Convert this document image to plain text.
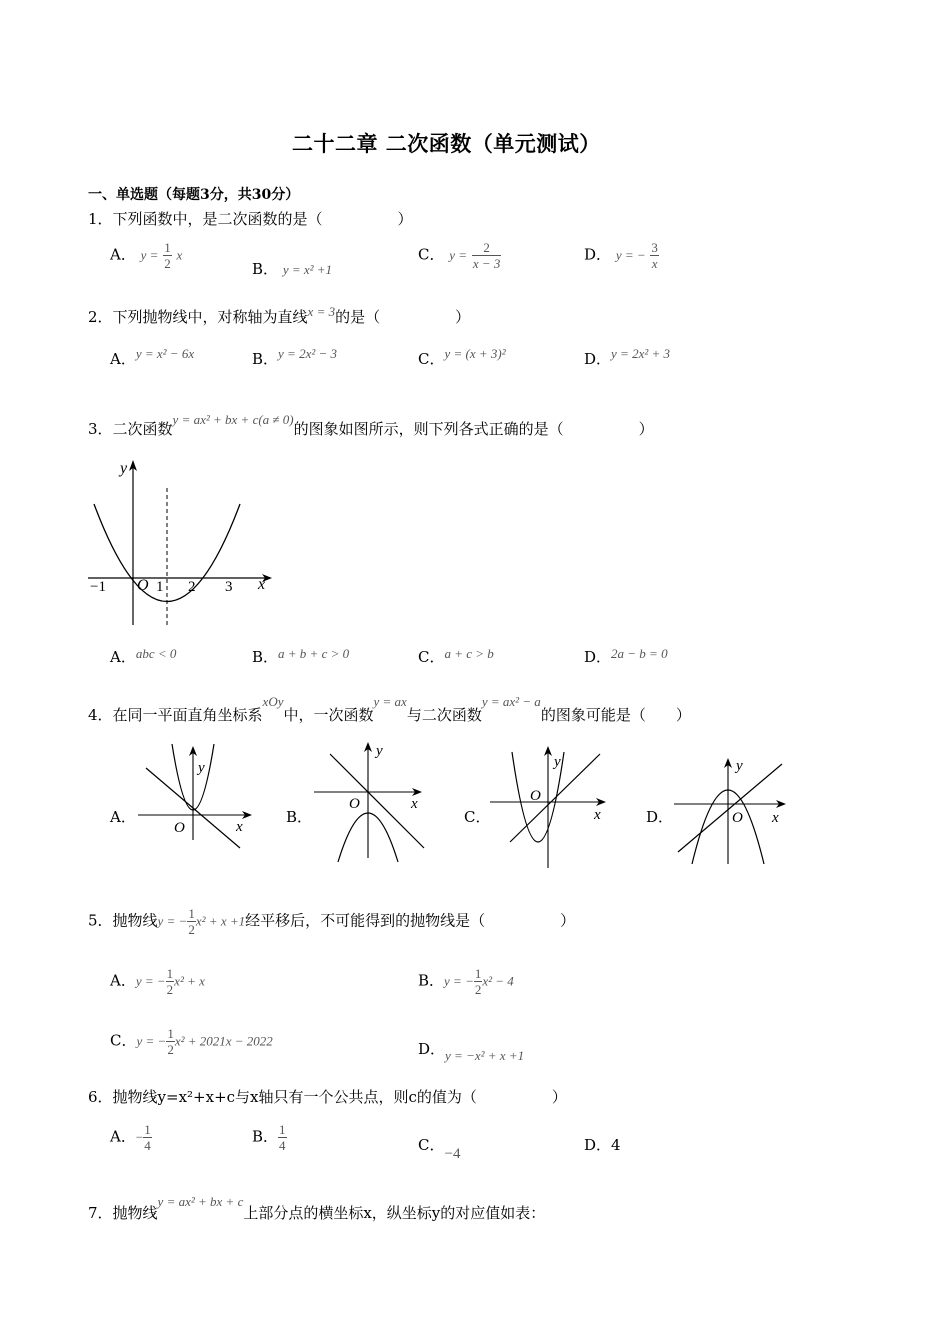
二十二章 二次函数（单元测试）
一、单选题（每题3分，共30分）
1．下列函数中，是二次函数的是（　　　　　）
A． $y = \frac{1}{2}$ x
B． y = x² +1
C． $y = \frac{2}{x - 3}$	D． y = − $\frac{3}{x}$
2．下列抛物线中，对称轴为直线x = 3的是（　　　　　）
A．y = x² − 6x	B．y = 2x² − 3	C．y = (x + 3)²	D．y = 2x² + 3
3．二次函数y = ax² + bx + c(a ≠ 0)的图象如图所示，则下列各式正确的是（　　　　　）
y
x
O
−1	1 2 3
A．abc < 0	B．a + b + c > 0	C．a + c > b	D．2a − b = 0
4．在同一平面直角坐标系xOy中，一次函数y = ax与二次函数y = ax² − a的图象可能是（　　）
A．
y
x
O
B．
y
x
O
C．
y
x
O
D．
y
x
O
5．抛物线y = − $\frac{1}{2} x^2 + x +1$经平移后，不可能得到的抛物线是（　　　　　）
A．y = − $\frac{1}{2} x^2 + x$	B．y = − $\frac{1}{2} x^2 - 4$
C．y = − $\frac{1}{2} x^2 + 2021x - 2022$	D．y = −x² + x +1
6．抛物线y=x²+x+c与x轴只有一个公共点，则c的值为（　　　　　）
A．− $\frac{1}{4}$	B． $\frac{1}{4}$	C．−4	D．4
7．抛物线y = ax² + bx + c上部分点的横坐标x，纵坐标y的对应值如表：
